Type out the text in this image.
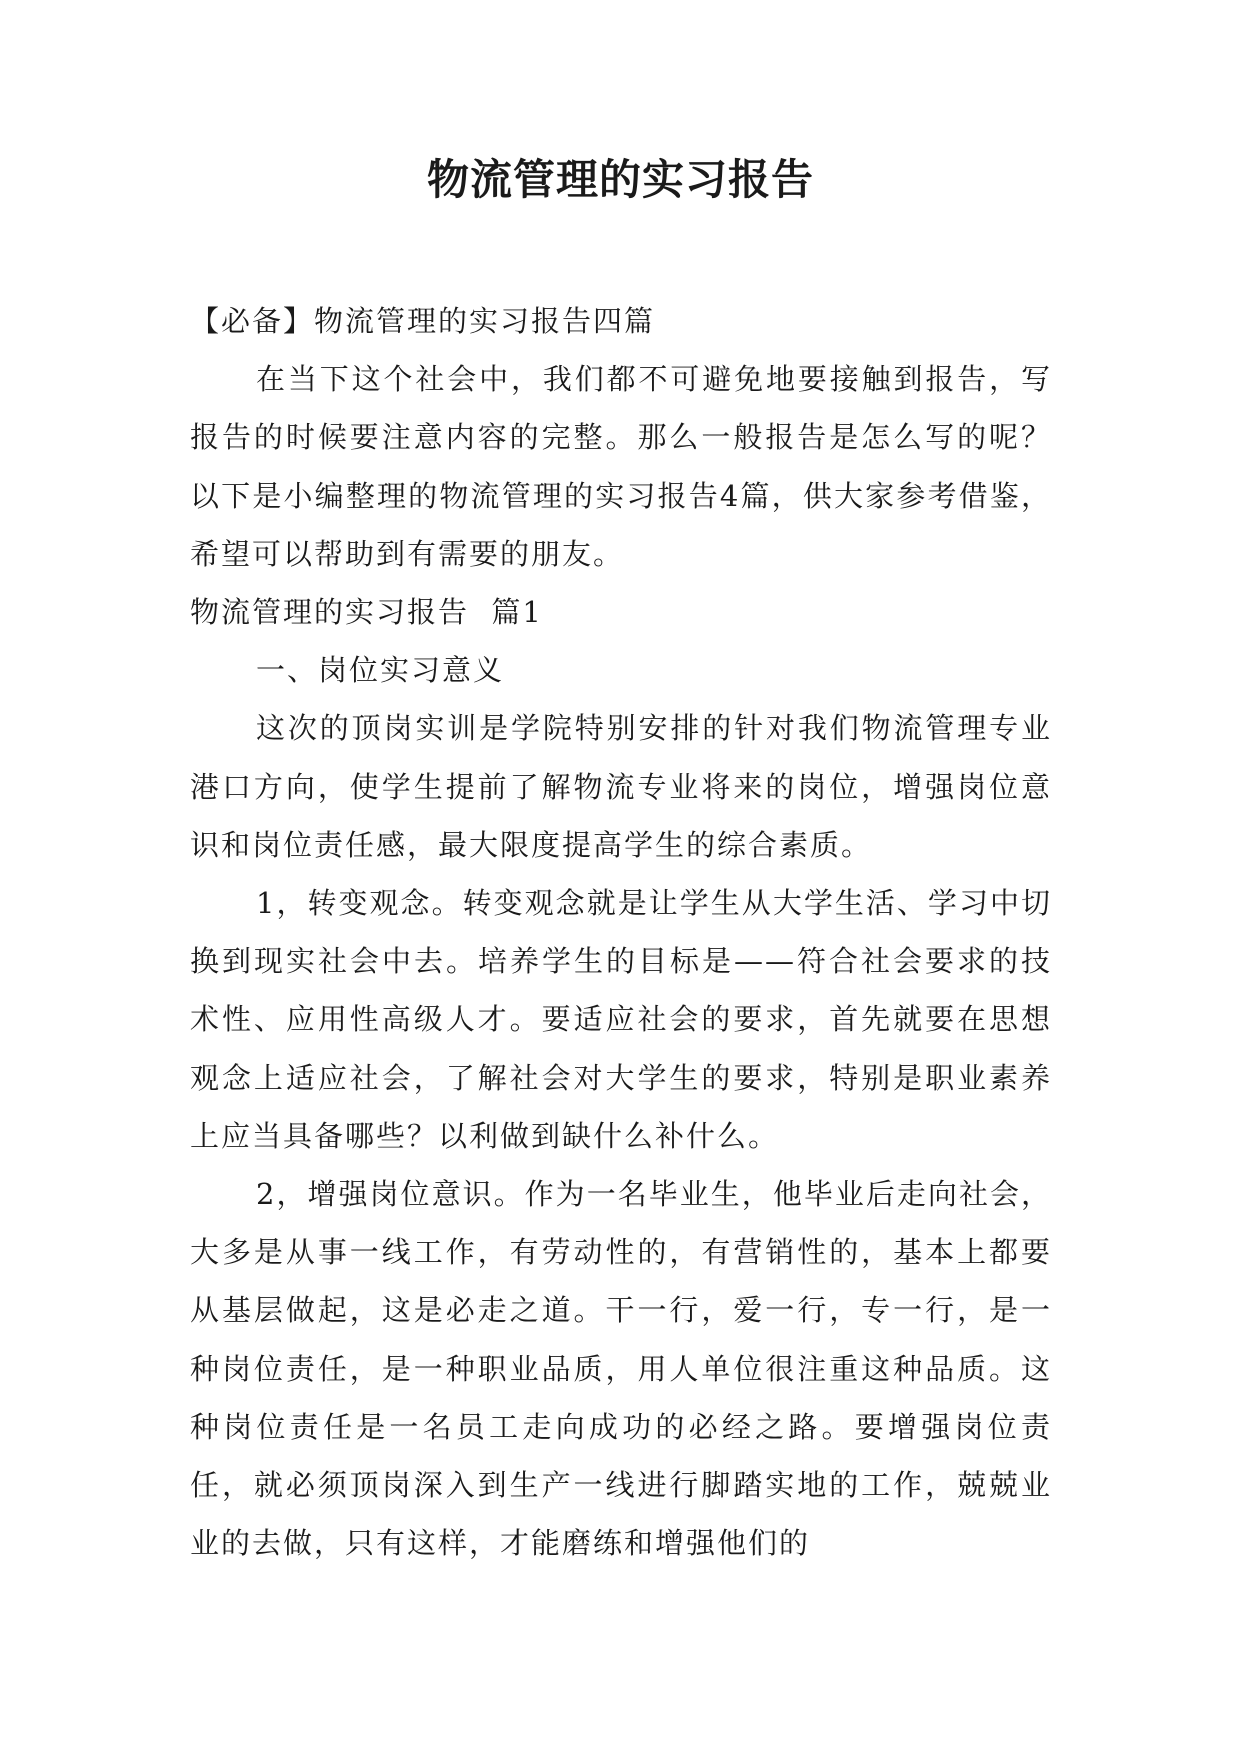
物流管理的实习报告

【必备】物流管理的实习报告四篇

在当下这个社会中，我们都不可避免地要接触到报告，写报告的时候要注意内容的完整。那么一般报告是怎么写的呢？以下是小编整理的物流管理的实习报告4篇，供大家参考借鉴，希望可以帮助到有需要的朋友。

物流管理的实习报告  篇1

一、岗位实习意义

这次的顶岗实训是学院特别安排的针对我们物流管理专业港口方向，使学生提前了解物流专业将来的岗位，增强岗位意识和岗位责任感，最大限度提高学生的综合素质。

1，转变观念。转变观念就是让学生从大学生活、学习中切换到现实社会中去。培养学生的目标是——符合社会要求的技术性、应用性高级人才。要适应社会的要求，首先就要在思想观念上适应社会，了解社会对大学生的要求，特别是职业素养上应当具备哪些？以利做到缺什么补什么。

2，增强岗位意识。作为一名毕业生，他毕业后走向社会，大多是从事一线工作，有劳动性的，有营销性的，基本上都要从基层做起，这是必走之道。干一行，爱一行，专一行，是一种岗位责任，是一种职业品质，用人单位很注重这种品质。这种岗位责任是一名员工走向成功的必经之路。要增强岗位责任，就必须顶岗深入到生产一线进行脚踏实地的工作，兢兢业业的去做，只有这样，才能磨练和增强他们的
